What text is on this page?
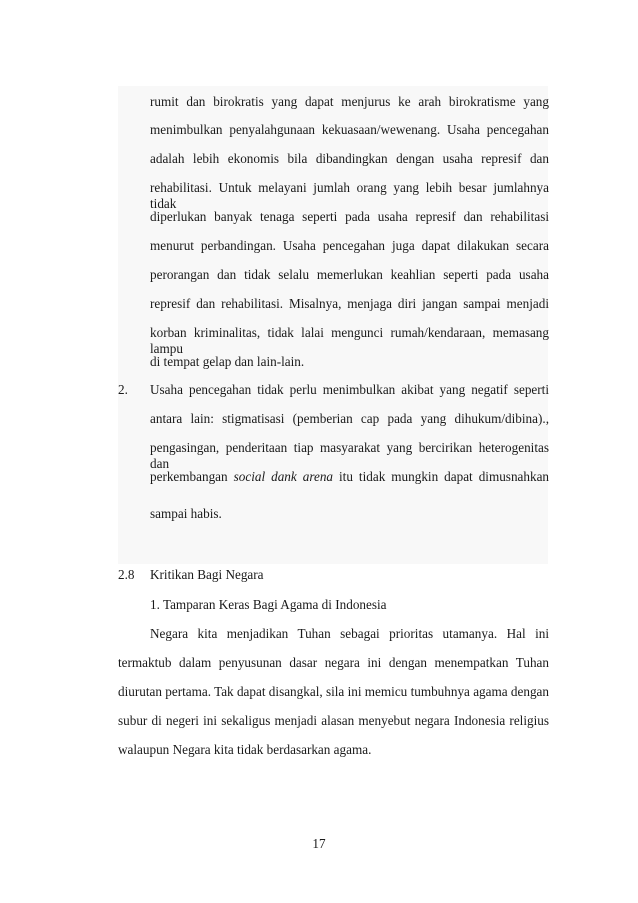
rumit dan birokratis yang dapat menjurus ke arah birokratisme yang
menimbulkan penyalahgunaan kekuasaan/wewenang. Usaha pencegahan
adalah lebih ekonomis bila dibandingkan dengan usaha represif dan
rehabilitasi. Untuk melayani jumlah orang yang lebih besar jumlahnya tidak
diperlukan banyak tenaga seperti pada usaha represif dan rehabilitasi
menurut perbandingan. Usaha pencegahan juga dapat dilakukan secara
perorangan dan tidak selalu memerlukan keahlian seperti pada usaha
represif dan rehabilitasi. Misalnya, menjaga diri jangan sampai menjadi
korban kriminalitas, tidak lalai mengunci rumah/kendaraan, memasang lampu
di tempat gelap dan lain-lain.
2. Usaha pencegahan tidak perlu menimbulkan akibat yang negatif seperti
antara lain: stigmatisasi (pemberian cap pada yang dihukum/dibina).,
pengasingan, penderitaan tiap masyarakat yang bercirikan heterogenitas dan
perkembangan social dank arena itu tidak mungkin dapat dimusnahkan
sampai habis.
2.8 Kritikan Bagi Negara
1. Tamparan Keras Bagi Agama di Indonesia
Negara kita menjadikan Tuhan sebagai prioritas utamanya. Hal ini
termaktub dalam penyusunan dasar negara ini dengan menempatkan Tuhan
diurutan pertama. Tak dapat disangkal, sila ini memicu tumbuhnya agama dengan
subur di negeri ini sekaligus menjadi alasan menyebut negara Indonesia religius
walaupun Negara kita tidak berdasarkan agama.
17
